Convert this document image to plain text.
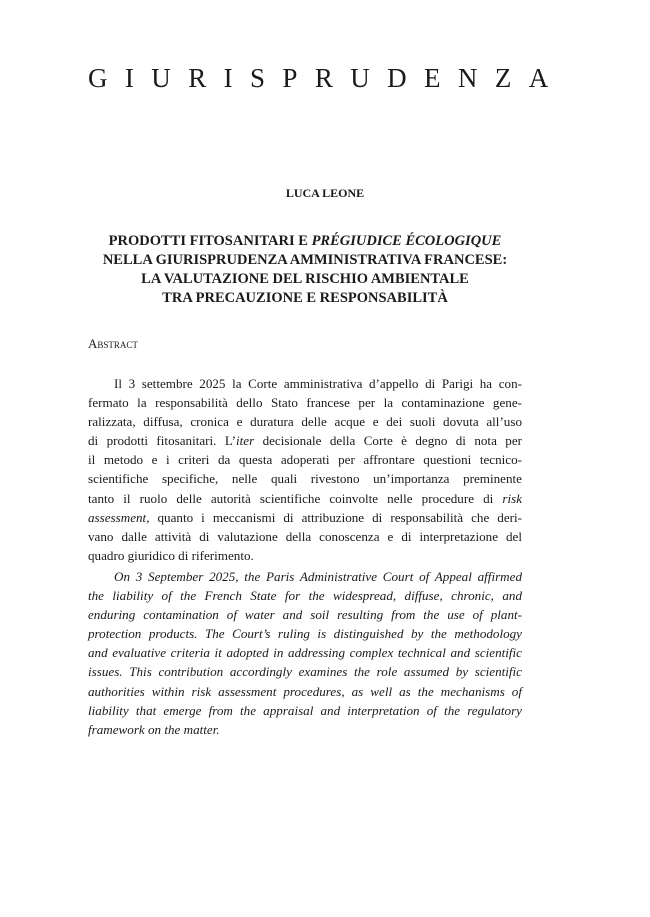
GIURISPRUDENZA
LUCA LEONE
PRODOTTI FITOSANITARI E PRÉGIUDICE ÉCOLOGIQUE
NELLA GIURISPRUDENZA AMMINISTRATIVA FRANCESE:
LA VALUTAZIONE DEL RISCHIO AMBIENTALE
TRA PRECAUZIONE E RESPONSABILITÀ
Abstract
Il 3 settembre 2025 la Corte amministrativa d’appello di Parigi ha con-
fermato la responsabilità dello Stato francese per la contaminazione gene-
ralizzata, diffusa, cronica e duratura delle acque e dei suoli dovuta all’uso
di prodotti fitosanitari. L’iter decisionale della Corte è degno di nota per
il metodo e i criteri da questa adoperati per affrontare questioni tecnico-
scientifiche specifiche, nelle quali rivestono un’importanza preminente
tanto il ruolo delle autorità scientifiche coinvolte nelle procedure di risk
assessment, quanto i meccanismi di attribuzione di responsabilità che deri-
vano dalle attività di valutazione della conoscenza e di interpretazione del
quadro giuridico di riferimento.
On 3 September 2025, the Paris Administrative Court of Appeal affirmed
the liability of the French State for the widespread, diffuse, chronic, and
enduring contamination of water and soil resulting from the use of plant-
protection products. The Court’s ruling is distinguished by the methodology
and evaluative criteria it adopted in addressing complex technical and scientific
issues. This contribution accordingly examines the role assumed by scientific
authorities within risk assessment procedures, as well as the mechanisms of
liability that emerge from the appraisal and interpretation of the regulatory
framework on the matter.
